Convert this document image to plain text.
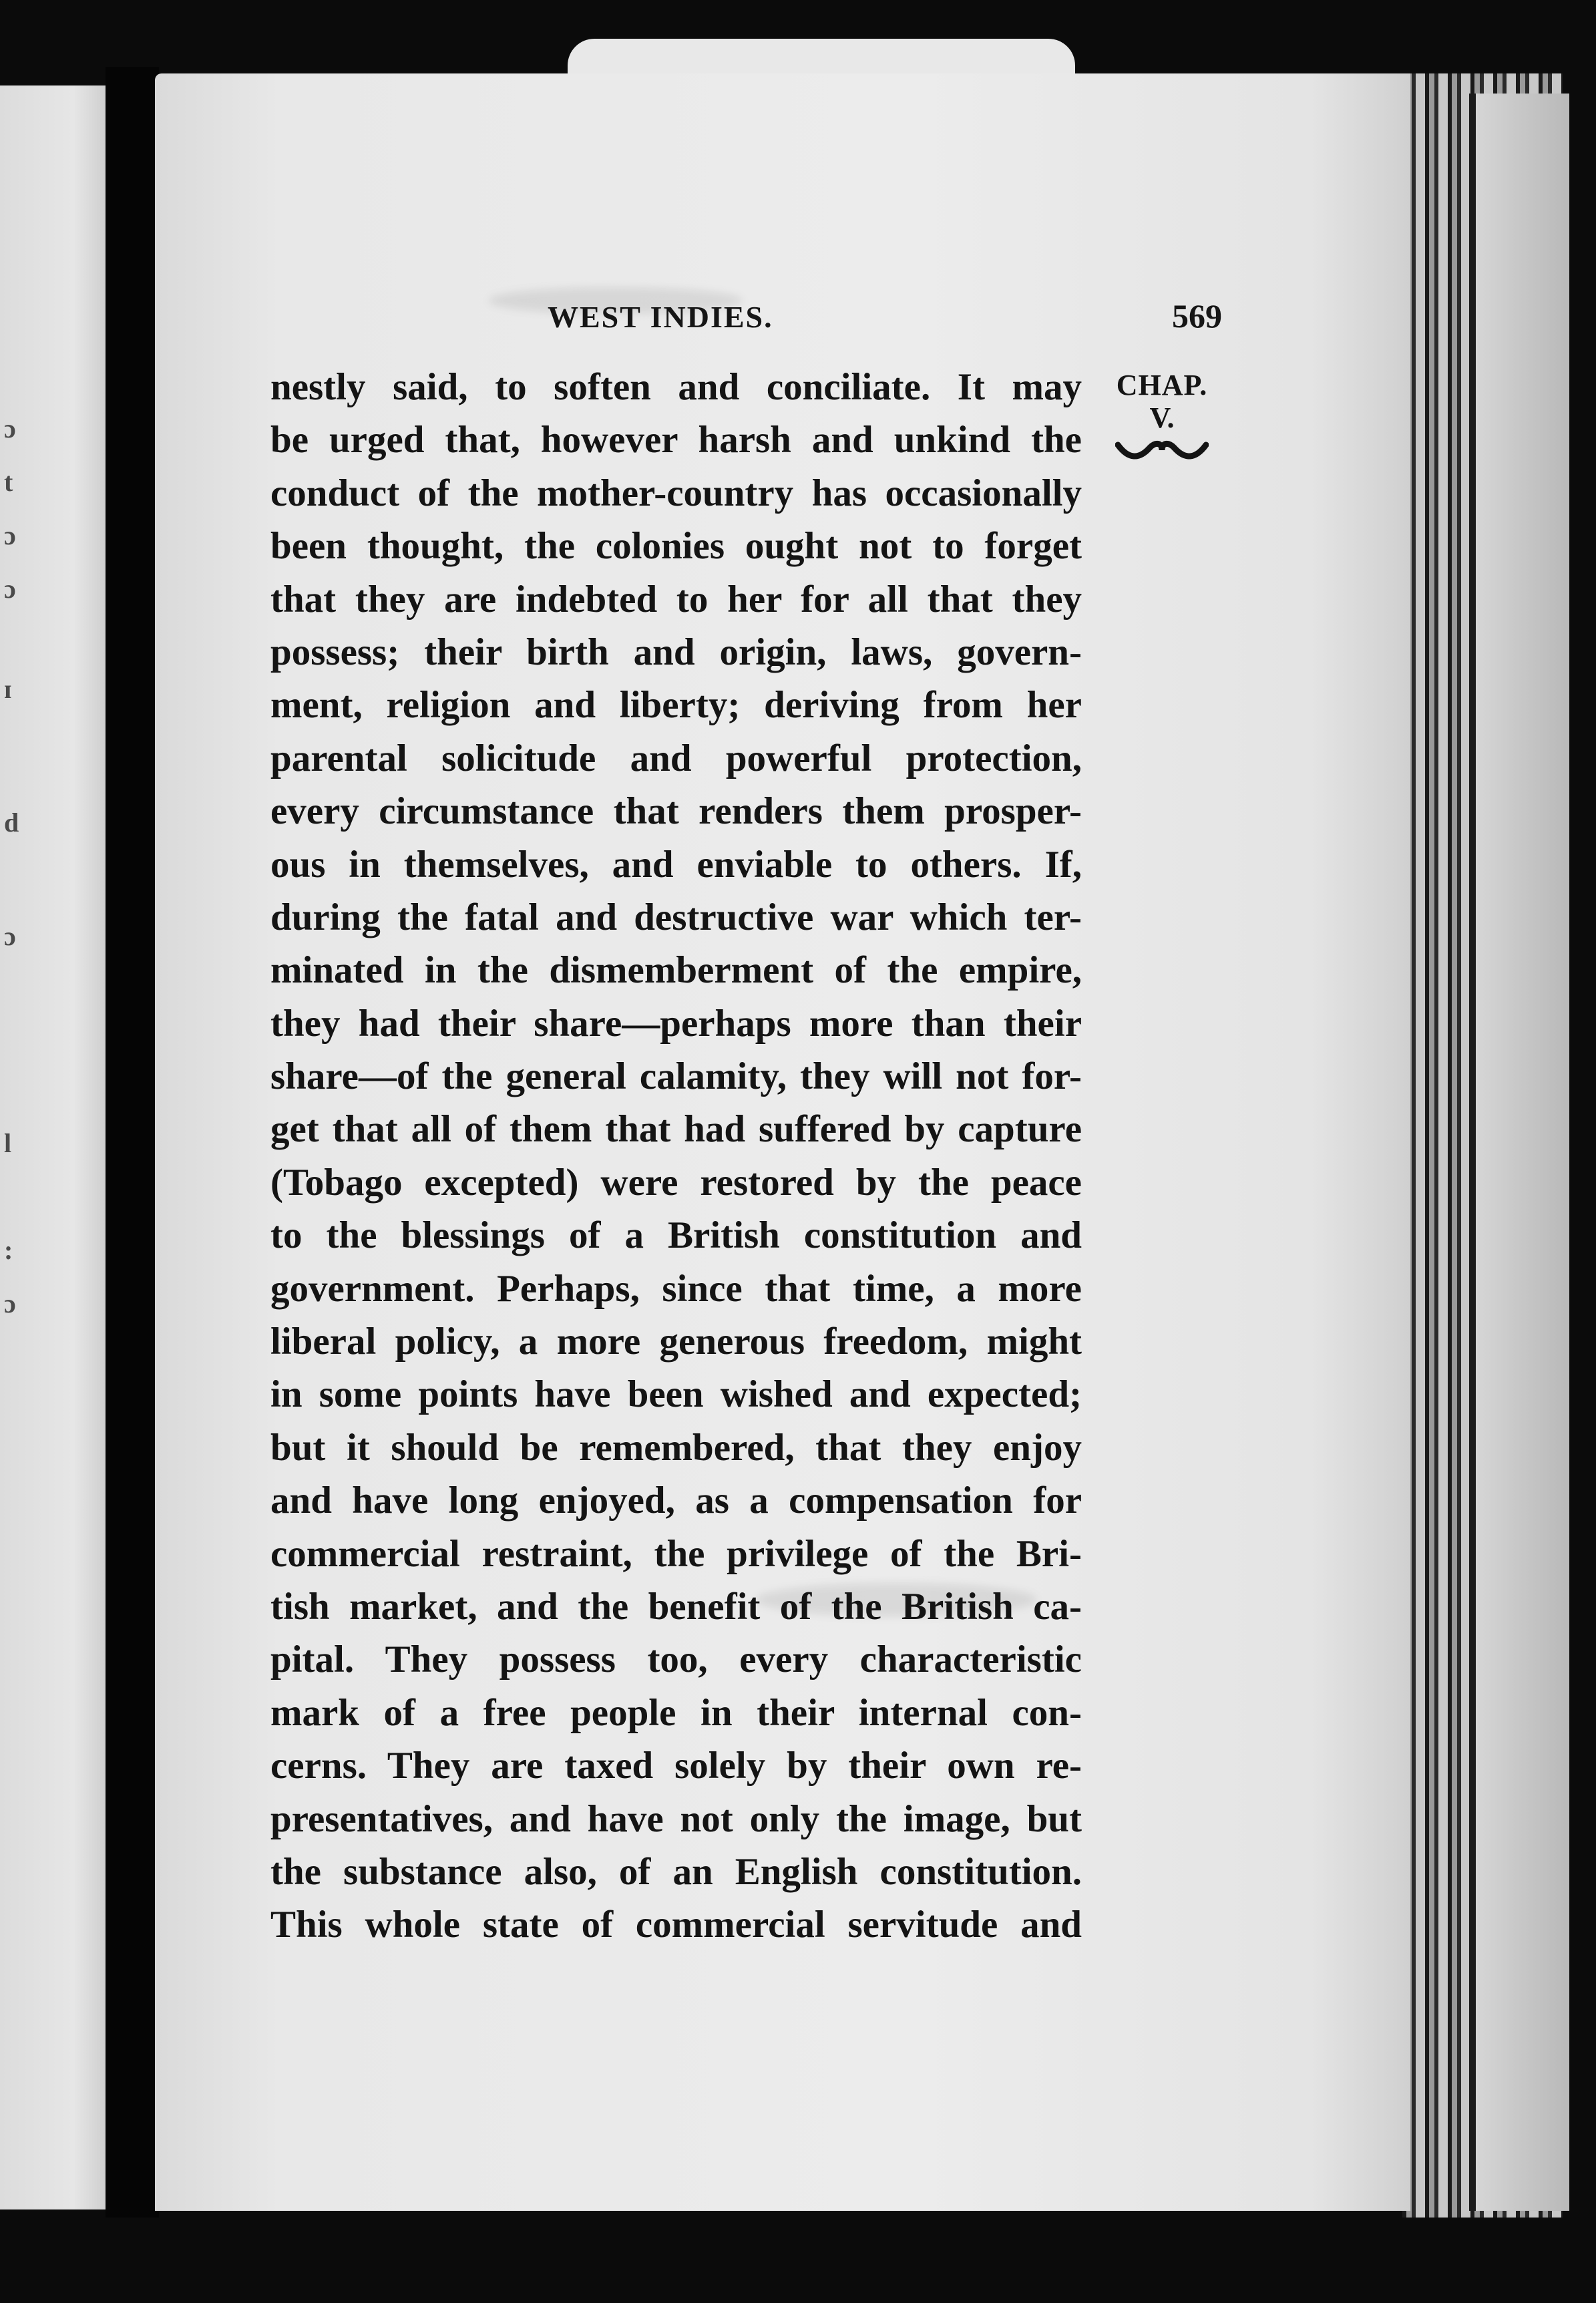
ɔ
t
ɔ
ɔ
ɪ
d
ɔ
l
:
ɔ
WEST INDIES.	569
CHAP.
V.
nestly said, to soften and conciliate. It may
be urged that, however harsh and unkind the
conduct of the mother-country has occasionally
been thought, the colonies ought not to forget
that they are indebted to her for all that they
possess; their birth and origin, laws, govern-
ment, religion and liberty; deriving from her
parental solicitude and powerful protection,
every circumstance that renders them prosper-
ous in themselves, and enviable to others. If,
during the fatal and destructive war which ter-
minated in the dismemberment of the empire,
they had their share—perhaps more than their
share—of the general calamity, they will not for-
get that all of them that had suffered by capture
(Tobago excepted) were restored by the peace
to the blessings of a British constitution and
government. Perhaps, since that time, a more
liberal policy, a more generous freedom, might
in some points have been wished and expected;
but it should be remembered, that they enjoy
and have long enjoyed, as a compensation for
commercial restraint, the privilege of the Bri-
tish market, and the benefit of the British ca-
pital. They possess too, every characteristic
mark of a free people in their internal con-
cerns. They are taxed solely by their own re-
presentatives, and have not only the image, but
the substance also, of an English constitution.
This whole state of commercial servitude and
